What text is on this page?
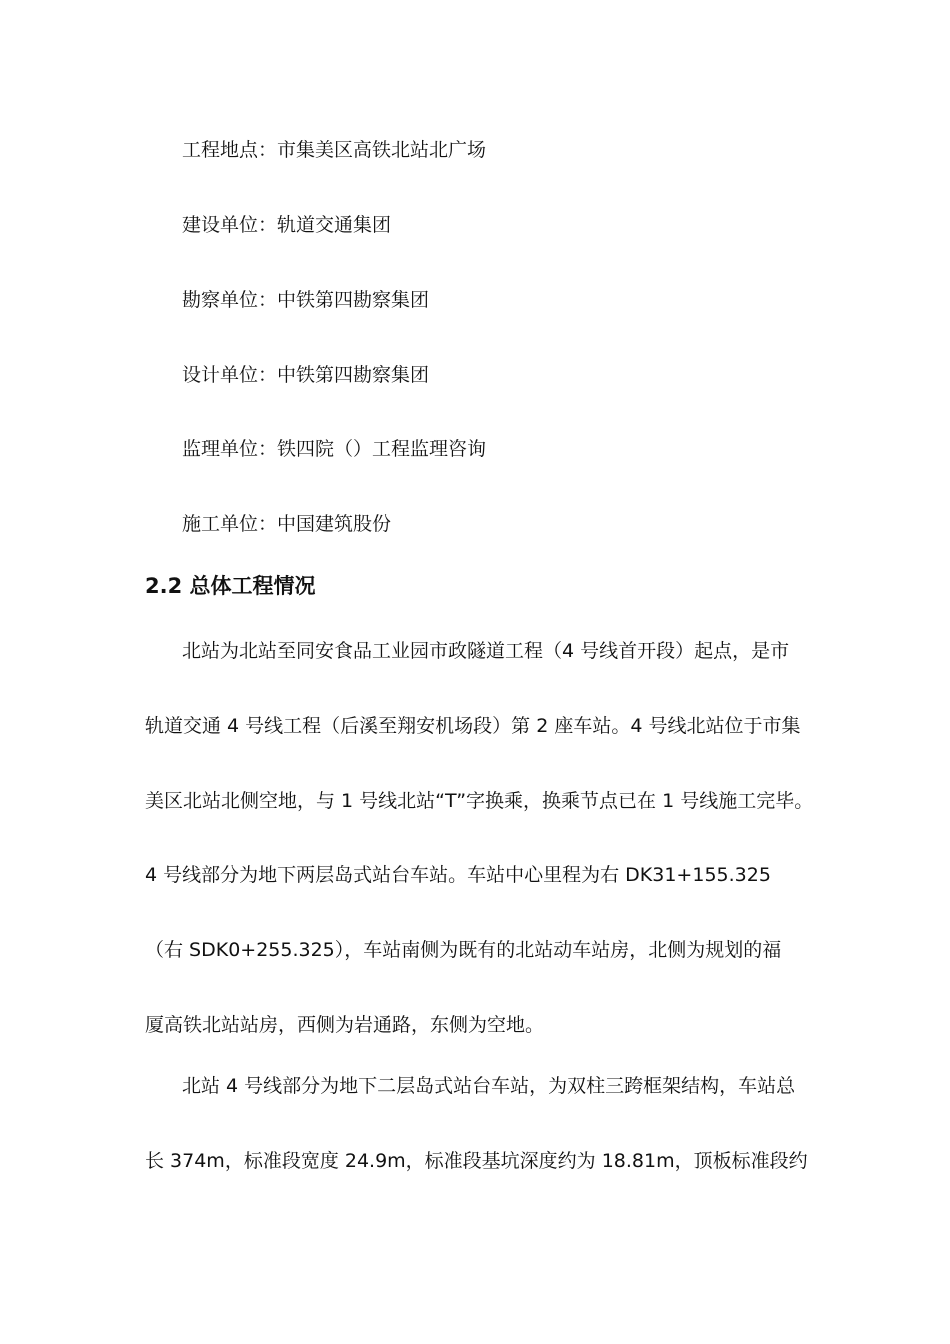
工程地点：市集美区高铁北站北广场
建设单位：轨道交通集团
勘察单位：中铁第四勘察集团
设计单位：中铁第四勘察集团
监理单位：铁四院（）工程监理咨询
施工单位：中国建筑股份
2.2 总体工程情况
北站为北站至同安食品工业园市政隧道工程（4 号线首开段）起点，是市
轨道交通 4 号线工程（后溪至翔安机场段）第 2 座车站。4 号线北站位于市集
美区北站北侧空地，与 1 号线北站“T”字换乘，换乘节点已在 1 号线施工完毕。
4 号线部分为地下两层岛式站台车站。车站中心里程为右 DK31+155.325
（右 SDK0+255.325），车站南侧为既有的北站动车站房，北侧为规划的福
厦高铁北站站房，西侧为岩通路，东侧为空地。
北站 4 号线部分为地下二层岛式站台车站，为双柱三跨框架结构，车站总
长 374m，标准段宽度 24.9m，标准段基坑深度约为 18.81m，顶板标准段约
